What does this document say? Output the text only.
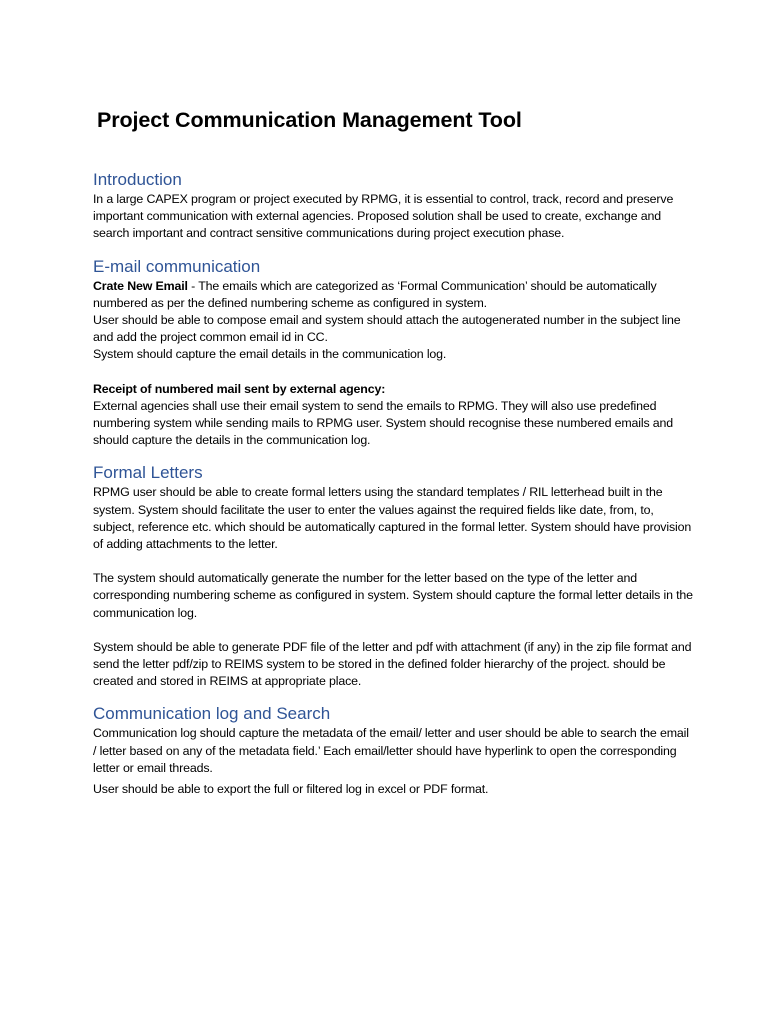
Project Communication Management Tool
Introduction

In a large CAPEX program or project executed by RPMG, it is essential to control, track, record and preserve important communication with external agencies. Proposed solution shall be used to create, exchange and search important and contract sensitive communications during project execution phase.

E-mail communication

Crate New Email - The emails which are categorized as ‘Formal Communication’ should be automatically numbered as per the defined numbering scheme as configured in system.

User should be able to compose email and system should attach the autogenerated number in the subject line and add the project common email id in CC.

System should capture the email details in the communication log.

Receipt of numbered mail sent by external agency:

External agencies shall use their email system to send the emails to RPMG. They will also use predefined numbering system while sending mails to RPMG user. System should recognise these numbered emails and should capture the details in the communication log.

Formal Letters

RPMG user should be able to create formal letters using the standard templates / RIL letterhead built in the system. System should facilitate the user to enter the values against the required fields like date, from, to, subject, reference etc. which should be automatically captured in the formal letter. System should have provision of adding attachments to the letter.

The system should automatically generate the number for the letter based on the type of the letter and corresponding numbering scheme as configured in system. System should capture the formal letter details in the communication log.

System should be able to generate PDF file of the letter and pdf with attachment (if any) in the zip file format and send the letter pdf/zip to REIMS system to be stored in the defined folder hierarchy of the project. should be created and stored in REIMS at appropriate place.

Communication log and Search

Communication log should capture the metadata of the email/ letter and user should be able to search the email / letter based on any of the metadata field.’ Each email/letter should have hyperlink to open the corresponding letter or email threads.

User should be able to export the full or filtered log in excel or PDF format.
